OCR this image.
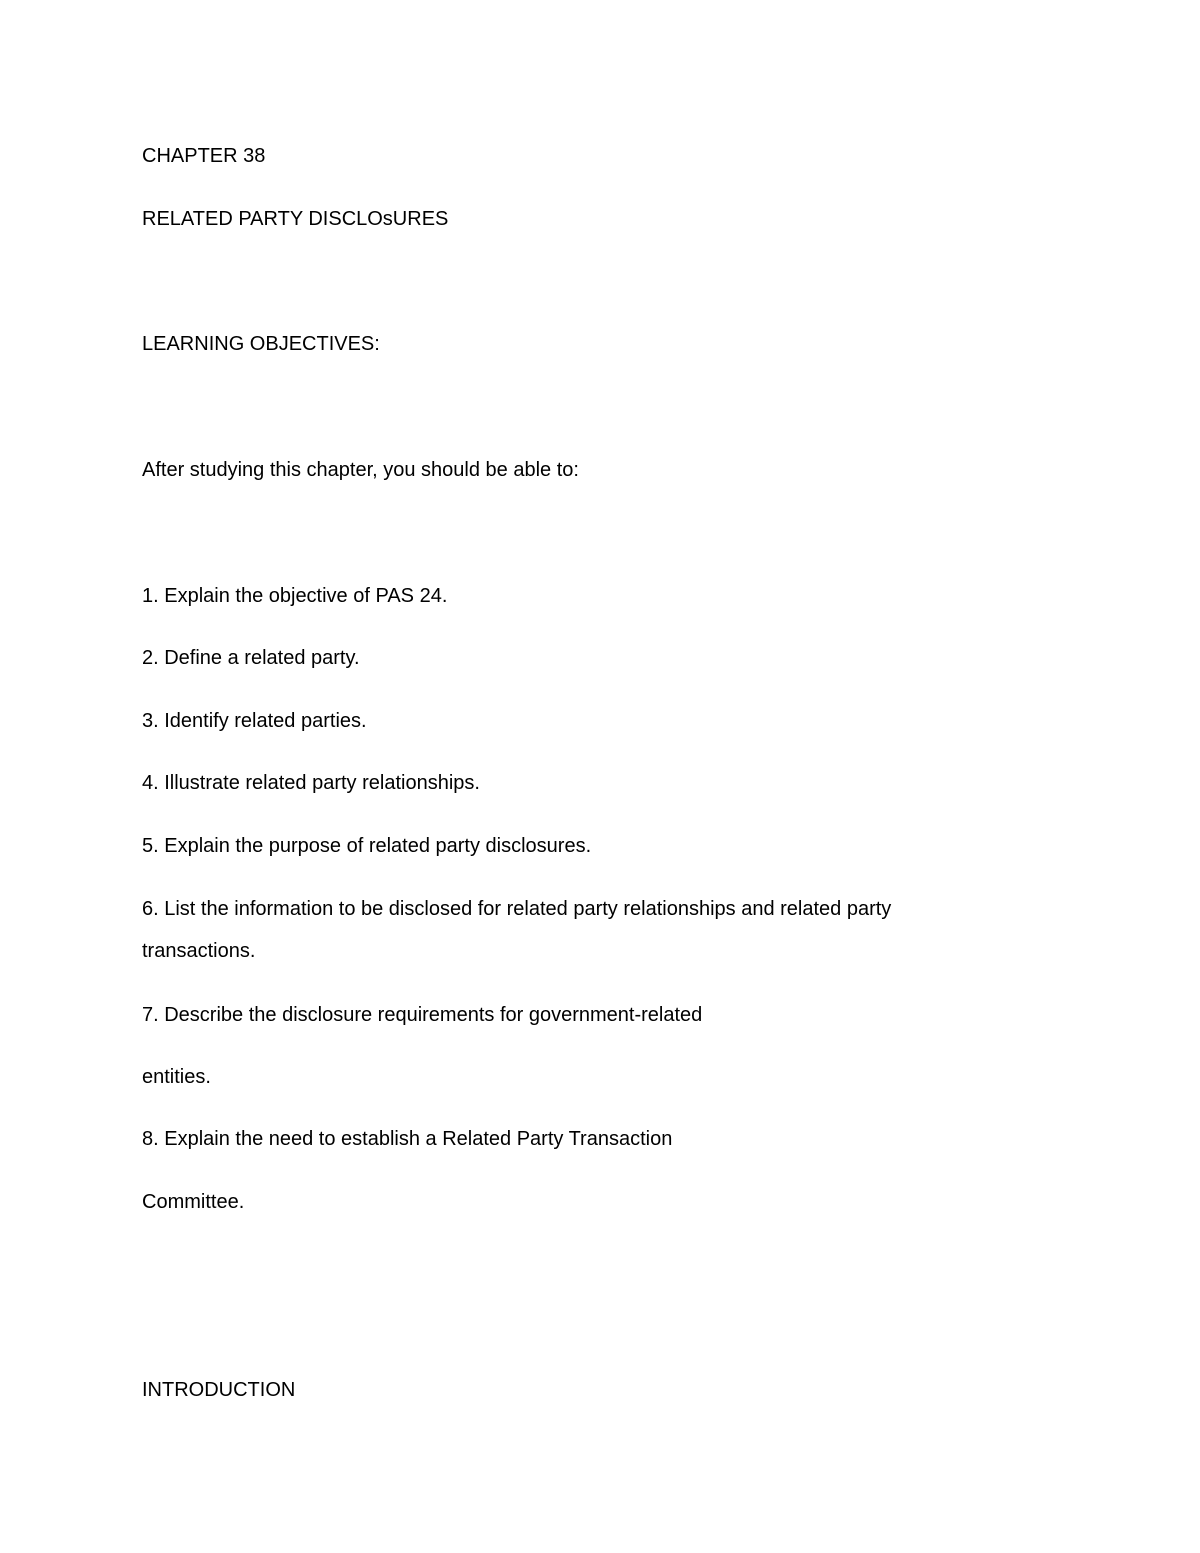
CHAPTER 38
RELATED PARTY DISCLOsURES
LEARNING OBJECTIVES:
After studying this chapter, you should be able to:
1. Explain the objective of PAS 24.
2. Define a related party.
3. Identify related parties.
4. Illustrate related party relationships.
5. Explain the purpose of related party disclosures.
6. List the information to be disclosed for related party relationships and related party
transactions.
7. Describe the disclosure requirements for government-related
entities.
8. Explain the need to establish a Related Party Transaction
Committee.
INTRODUCTION
